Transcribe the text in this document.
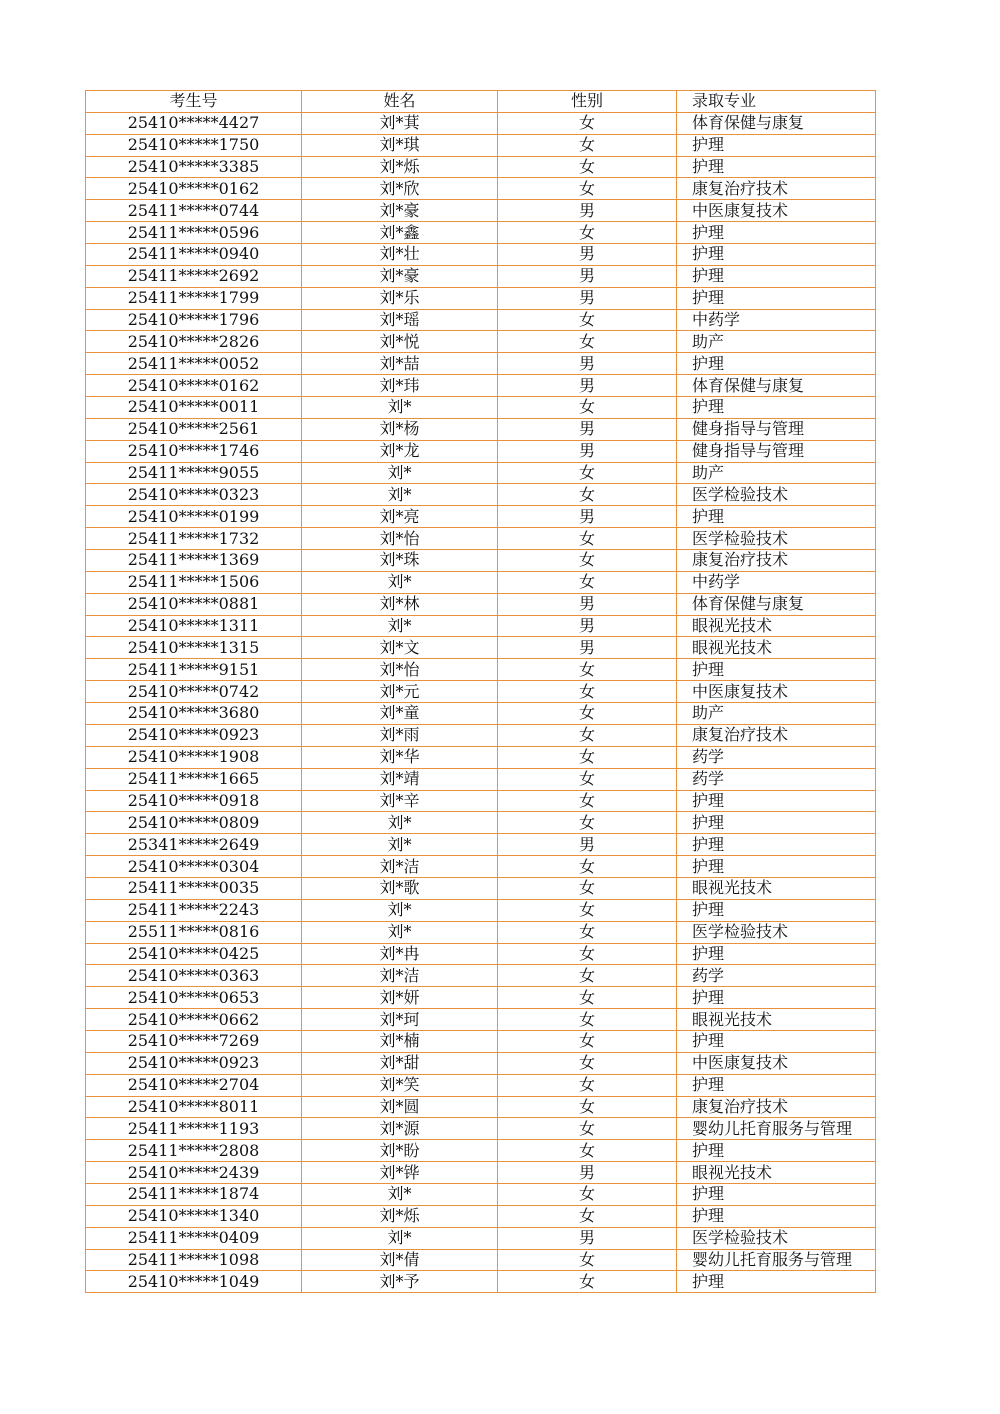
考生号	姓名	性别	录取专业
25410*****4427	刘*萁	女	体育保健与康复
25410*****1750	刘*琪	女	护理
25410*****3385	刘*烁	女	护理
25410*****0162	刘*欣	女	康复治疗技术
25411*****0744	刘*豪	男	中医康复技术
25411*****0596	刘*鑫	女	护理
25411*****0940	刘*壮	男	护理
25411*****2692	刘*豪	男	护理
25411*****1799	刘*乐	男	护理
25410*****1796	刘*瑶	女	中药学
25410*****2826	刘*悦	女	助产
25411*****0052	刘*喆	男	护理
25410*****0162	刘*玮	男	体育保健与康复
25410*****0011	刘*	女	护理
25410*****2561	刘*杨	男	健身指导与管理
25410*****1746	刘*龙	男	健身指导与管理
25411*****9055	刘*	女	助产
25410*****0323	刘*	女	医学检验技术
25410*****0199	刘*亮	男	护理
25411*****1732	刘*怡	女	医学检验技术
25411*****1369	刘*珠	女	康复治疗技术
25411*****1506	刘*	女	中药学
25410*****0881	刘*林	男	体育保健与康复
25410*****1311	刘*	男	眼视光技术
25410*****1315	刘*文	男	眼视光技术
25411*****9151	刘*怡	女	护理
25410*****0742	刘*元	女	中医康复技术
25410*****3680	刘*童	女	助产
25410*****0923	刘*雨	女	康复治疗技术
25410*****1908	刘*华	女	药学
25411*****1665	刘*靖	女	药学
25410*****0918	刘*辛	女	护理
25410*****0809	刘*	女	护理
25341*****2649	刘*	男	护理
25410*****0304	刘*洁	女	护理
25411*****0035	刘*歌	女	眼视光技术
25411*****2243	刘*	女	护理
25511*****0816	刘*	女	医学检验技术
25410*****0425	刘*冉	女	护理
25410*****0363	刘*洁	女	药学
25410*****0653	刘*妍	女	护理
25410*****0662	刘*珂	女	眼视光技术
25410*****7269	刘*楠	女	护理
25410*****0923	刘*甜	女	中医康复技术
25410*****2704	刘*笑	女	护理
25410*****8011	刘*圆	女	康复治疗技术
25411*****1193	刘*源	女	婴幼儿托育服务与管理
25411*****2808	刘*盼	女	护理
25410*****2439	刘*铧	男	眼视光技术
25411*****1874	刘*	女	护理
25410*****1340	刘*烁	女	护理
25411*****0409	刘*	男	医学检验技术
25411*****1098	刘*倩	女	婴幼儿托育服务与管理
25410*****1049	刘*予	女	护理
